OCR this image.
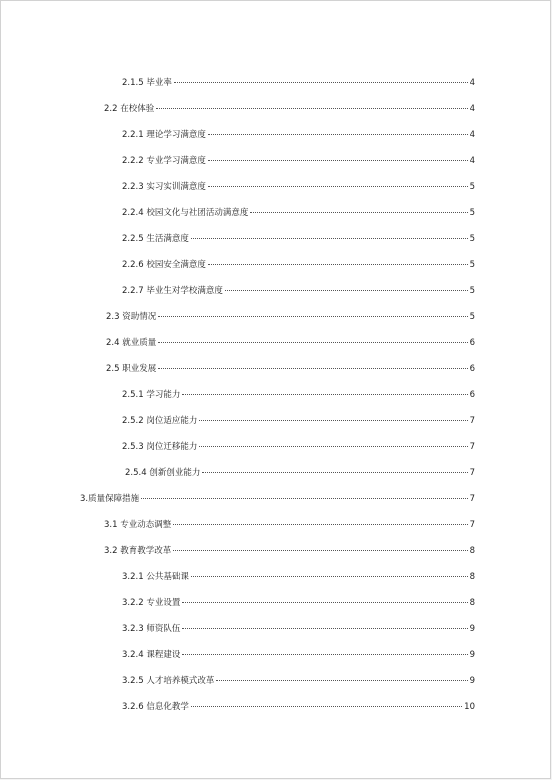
2.1.5 毕业率	4
2.2 在校体验	4
2.2.1 理论学习满意度	4
2.2.2 专业学习满意度	4
2.2.3 实习实训满意度	5
2.2.4 校园文化与社团活动满意度	5
2.2.5 生活满意度	5
2.2.6 校园安全满意度	5
2.2.7 毕业生对学校满意度	5
2.3 资助情况	5
2.4 就业质量	6
2.5 职业发展	6
2.5.1 学习能力	6
2.5.2 岗位适应能力	7
2.5.3 岗位迁移能力	7
2.5.4 创新创业能力	7
3.质量保障措施	7
3.1 专业动态调整	7
3.2 教育教学改革	8
3.2.1 公共基础课	8
3.2.2 专业设置	8
3.2.3 师资队伍	9
3.2.4 课程建设	9
3.2.5 人才培养模式改革	9
3.2.6 信息化教学	10
